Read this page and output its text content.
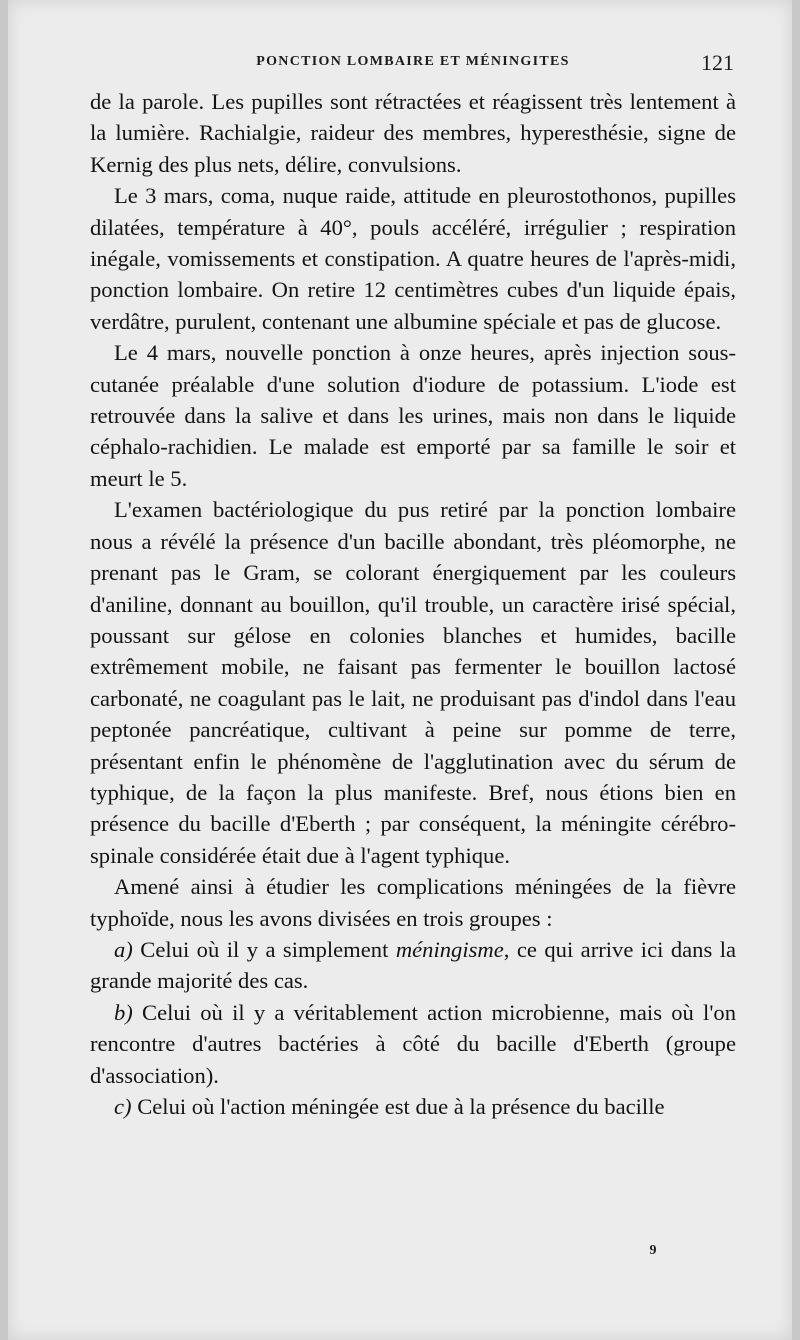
PONCTION LOMBAIRE ET MÉNINGITES	121

de la parole. Les pupilles sont rétractées et réagissent très lentement à la lumière. Rachialgie, raideur des membres, hyperesthésie, signe de Kernig des plus nets, délire, convulsions.

Le 3 mars, coma, nuque raide, attitude en pleurostothonos, pupilles dilatées, température à 40°, pouls accéléré, irrégulier ; respiration inégale, vomissements et constipation. A quatre heures de l'après-midi, ponction lombaire. On retire 12 centimètres cubes d'un liquide épais, verdâtre, purulent, contenant une albumine spéciale et pas de glucose.

Le 4 mars, nouvelle ponction à onze heures, après injection sous-cutanée préalable d'une solution d'iodure de potassium. L'iode est retrouvée dans la salive et dans les urines, mais non dans le liquide céphalo-rachidien. Le malade est emporté par sa famille le soir et meurt le 5.

L'examen bactériologique du pus retiré par la ponction lombaire nous a révélé la présence d'un bacille abondant, très pléomorphe, ne prenant pas le Gram, se colorant énergiquement par les couleurs d'aniline, donnant au bouillon, qu'il trouble, un caractère irisé spécial, poussant sur gélose en colonies blanches et humides, bacille extrêmement mobile, ne faisant pas fermenter le bouillon lactosé carbonaté, ne coagulant pas le lait, ne produisant pas d'indol dans l'eau peptonée pancréatique, cultivant à peine sur pomme de terre, présentant enfin le phénomène de l'agglutination avec du sérum de typhique, de la façon la plus manifeste. Bref, nous étions bien en présence du bacille d'Eberth ; par conséquent, la méningite cérébro-spinale considérée était due à l'agent typhique.

Amené ainsi à étudier les complications méningées de la fièvre typhoïde, nous les avons divisées en trois groupes :

a) Celui où il y a simplement méningisme, ce qui arrive ici dans la grande majorité des cas.

b) Celui où il y a véritablement action microbienne, mais où l'on rencontre d'autres bactéries à côté du bacille d'Eberth (groupe d'association).

c) Celui où l'action méningée est due à la présence du bacille

9
